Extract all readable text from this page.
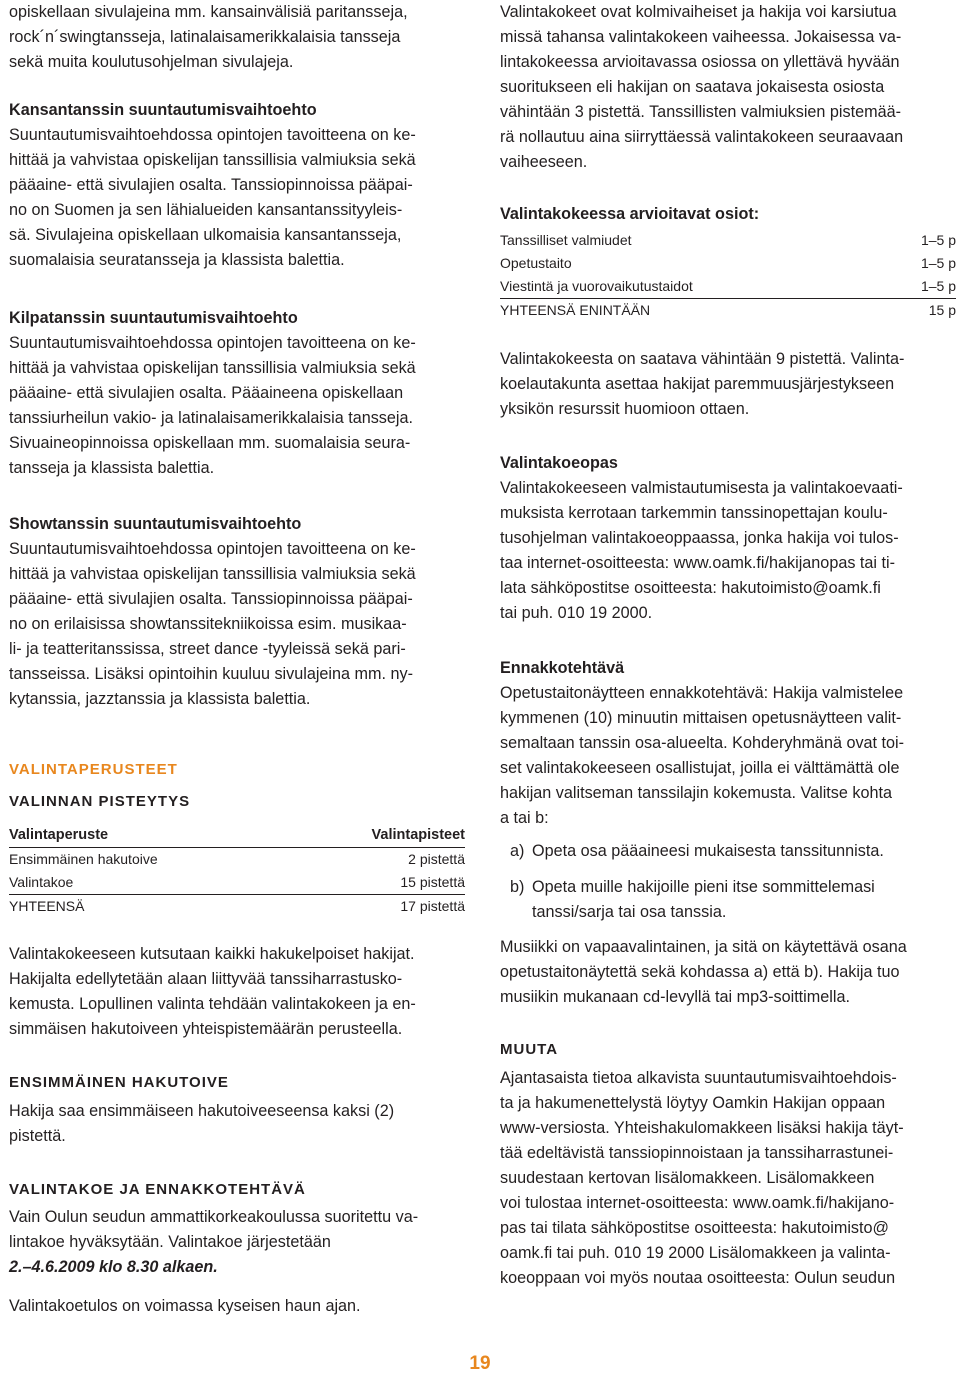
opiskellaan sivulajeina mm. kansainvälisiä paritansseja,

rock´n´swingtansseja, latinalaisamerikkalaisia tansseja

sekä muita koulutusohjelman sivulajeja.

Kansantanssin suuntautumisvaihtoehto

Suuntautumisvaihtoehdossa opintojen tavoitteena on ke-

hittää ja vahvistaa opiskelijan tanssillisia valmiuksia sekä

pääaine- että sivulajien osalta. Tanssiopinnoissa pääpai-

no on Suomen ja sen lähialueiden kansantanssityyleis-

sä. Sivulajeina opiskellaan ulkomaisia kansantansseja,

suomalaisia seuratansseja ja klassista balettia.

Kilpatanssin suuntautumisvaihtoehto

Suuntautumisvaihtoehdossa opintojen tavoitteena on ke-

hittää ja vahvistaa opiskelijan tanssillisia valmiuksia sekä

pääaine- että sivulajien osalta. Pääaineena opiskellaan

tanssiurheilun vakio- ja latinalaisamerikkalaisia tansseja.

Sivuaineopinnoissa opiskellaan mm. suomalaisia seura-

tansseja ja klassista balettia.

Showtanssin suuntautumisvaihtoehto

Suuntautumisvaihtoehdossa opintojen tavoitteena on ke-

hittää ja vahvistaa opiskelijan tanssillisia valmiuksia sekä

pääaine- että sivulajien osalta. Tanssiopinnoissa pääpai-

no on erilaisissa showtanssitekniikoissa esim. musikaa-

li- ja teatteritanssissa, street dance -tyyleissä sekä pari-

tansseissa. Lisäksi opintoihin kuuluu sivulajeina mm. ny-

kytanssia, jazztanssia ja klassista balettia.

VALINTAPERUSTEET

VALINNAN PISTEYTYS

Valintaperuste	Valintapisteet
Ensimmäinen hakutoive	2 pistettä
Valintakoe	15 pistettä
YHTEENSÄ	17 pistettä

Valintakokeeseen kutsutaan kaikki hakukelpoiset hakijat.

Hakijalta edellytetään alaan liittyvää tanssiharrastusko-

kemusta. Lopullinen valinta tehdään valintakokeen ja en-

simmäisen hakutoiveen yhteispistemäärän perusteella.

ENSIMMÄINEN HAKUTOIVE

Hakija saa ensimmäiseen hakutoiveeseensa kaksi (2)

pistettä.

VALINTAKOE JA ENNAKKOTEHTÄVÄ

Vain Oulun seudun ammattikorkeakoulussa suoritettu va-

lintakoe hyväksytään. Valintakoe järjestetään

2.–4.6.2009 klo 8.30 alkaen.

Valintakoetulos on voimassa kyseisen haun ajan.

Valintakokeet ovat kolmivaiheiset ja hakija voi karsiutua

missä tahansa valintakokeen vaiheessa. Jokaisessa va-

lintakokeessa arvioitavassa osiossa on yllettävä hyvään

suoritukseen eli hakijan on saatava jokaisesta osiosta

vähintään 3 pistettä. Tanssillisten valmiuksien pistemää-

rä nollautuu aina siirryttäessä valintakokeen seuraavaan

vaiheeseen.

Valintakokeessa arvioitavat osiot:

Tanssilliset valmiudet	1–5 p
Opetustaito	1–5 p
Viestintä ja vuorovaikutustaidot	1–5 p
YHTEENSÄ ENINTÄÄN	15 p

Valintakokeesta on saatava vähintään 9 pistettä. Valinta-

koelautakunta asettaa hakijat paremmuusjärjestykseen

yksikön resurssit huomioon ottaen.

Valintakoeopas

Valintakokeeseen valmistautumisesta ja valintakoevaati-

muksista kerrotaan tarkemmin tanssinopettajan koulu-

tusohjelman valintakoeoppaassa, jonka hakija voi tulos-

taa internet-osoitteesta: www.oamk.fi/hakijanopas tai ti-

lata sähköpostitse osoitteesta: hakutoimisto@oamk.fi

tai puh. 010 19 2000.

Ennakkotehtävä

Opetustaitonäytteen ennakkotehtävä: Hakija valmistelee

kymmenen (10) minuutin mittaisen opetusnäytteen valit-

semaltaan tanssin osa-alueelta. Kohderyhmänä ovat toi-

set valintakokeeseen osallistujat, joilla ei välttämättä ole

hakijan valitseman tanssilajin kokemusta. Valitse kohta

a tai b:

a) Opeta osa pääaineesi mukaisesta tanssitunnista.
b) Opeta muille hakijoille pieni itse sommittelemasi
tanssi/sarja tai osa tanssia.

Musiikki on vapaavalintainen, ja sitä on käytettävä osana

opetustaitonäytettä sekä kohdassa a) että b). Hakija tuo

musiikin mukanaan cd-levyllä tai mp3-soittimella.

MUUTA

Ajantasaista tietoa alkavista suuntautumisvaihtoehdois-

ta ja hakumenettelystä löytyy Oamkin Hakijan oppaan

www-versiosta. Yhteishakulomakkeen lisäksi hakija täyt-

tää edeltävistä tanssiopinnoistaan ja tanssiharrastunei-

suudestaan kertovan lisälomakkeen. Lisälomakkeen

voi tulostaa internet-osoitteesta: www.oamk.fi/hakijano-

pas tai tilata sähköpostitse osoitteesta: hakutoimisto@

oamk.fi tai puh. 010 19 2000 Lisälomakkeen ja valinta-

koeoppaan voi myös noutaa osoitteesta: Oulun seudun

19
